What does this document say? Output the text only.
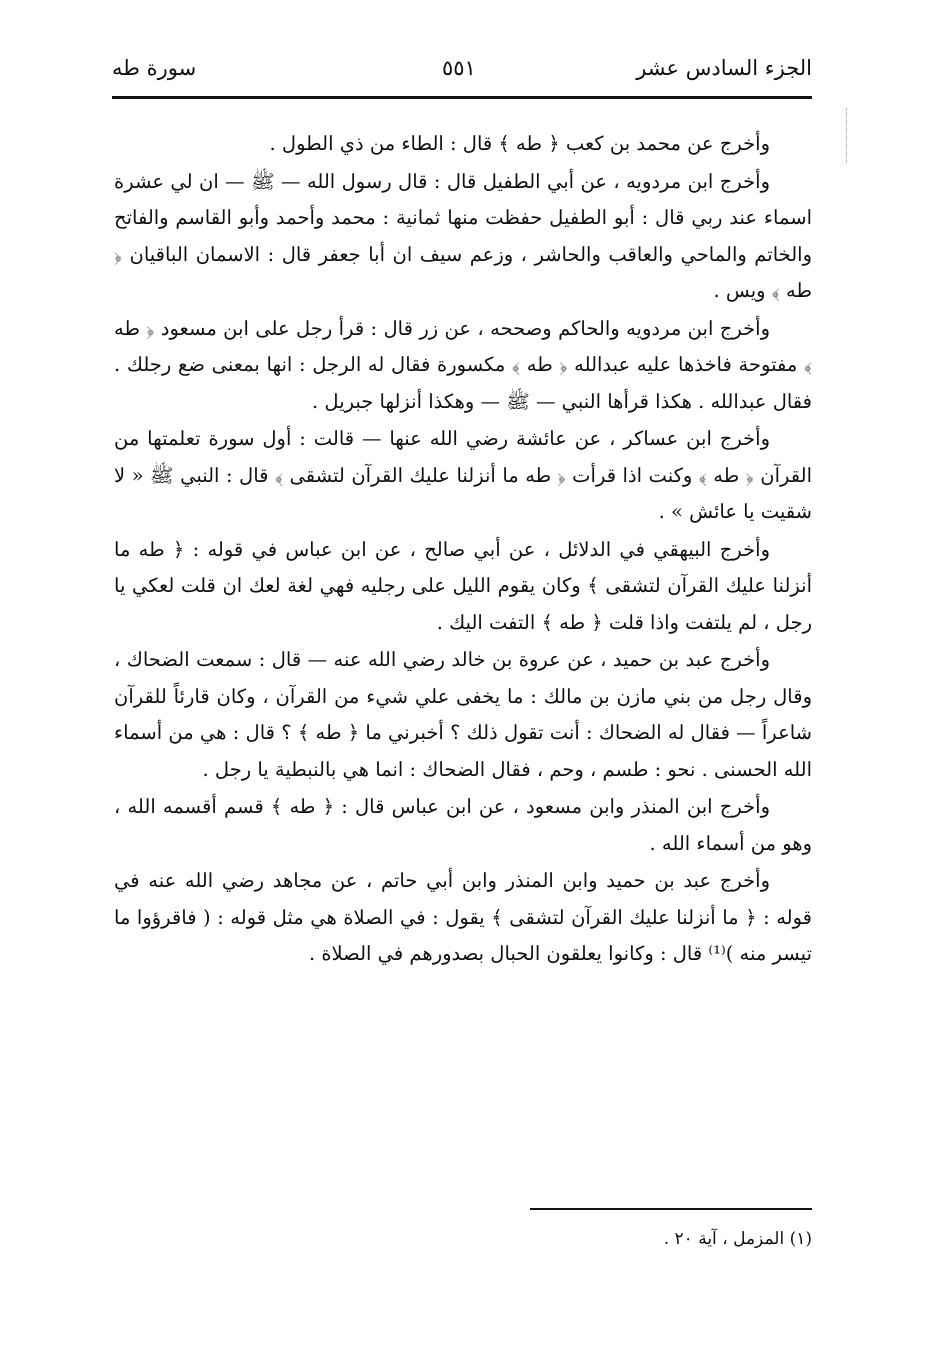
الجزء السادس عشر
٥٥١
سورة طه

وأخرج عن محمد بن كعب ﴿ طه ﴾ قال : الطاء من ذي الطول .

وأخرج ابن مردويه ، عن أبي الطفيل قال : قال رسول الله — ﷺ — ان لي عشرة اسماء عند ربي قال : أبو الطفيل حفظت منها ثمانية : محمد وأحمد وأبو القاسم والفاتح والخاتم والماحي والعاقب والحاشر ، وزعم سيف ان أبا جعفر قال : الاسمان الباقيان ﴿ طه ﴾ ويس .

وأخرج ابن مردويه والحاكم وصححه ، عن زر قال : قرأ رجل على ابن مسعود ﴿ طه ﴾ مفتوحة فاخذها عليه عبدالله ﴿ طه ﴾ مكسورة فقال له الرجل : انها بمعنى ضع رجلك . فقال عبدالله . هكذا قرأها النبي — ﷺ — وهكذا أنزلها جبريل .

وأخرج ابن عساكر ، عن عائشة رضي الله عنها — قالت : أول سورة تعلمتها من القرآن ﴿ طه ﴾ وكنت اذا قرأت ﴿ طه ما أنزلنا عليك القرآن لتشقى ﴾ قال : النبي ﷺ « لا شقيت يا عائش » .

وأخرج البيهقي في الدلائل ، عن أبي صالح ، عن ابن عباس في قوله : ﴿ طه ما أنزلنا عليك القرآن لتشقى ﴾ وكان يقوم الليل على رجليه فهي لغة لعك ان قلت لعكي يا رجل ، لم يلتفت واذا قلت ﴿ طه ﴾ التفت اليك .

وأخرج عبد بن حميد ، عن عروة بن خالد رضي الله عنه — قال : سمعت الضحاك ، وقال رجل من بني مازن بن مالك : ما يخفى علي شيء من القرآن ، وكان قارئاً للقرآن شاعراً — فقال له الضحاك : أنت تقول ذلك ؟ أخبرني ما ﴿ طه ﴾ ؟ قال : هي من أسماء الله الحسنى . نحو : طسم ، وحم ، فقال الضحاك : انما هي بالنبطية يا رجل .

وأخرج ابن المنذر وابن مسعود ، عن ابن عباس قال : ﴿ طه ﴾ قسم أقسمه الله ، وهو من أسماء الله .

وأخرج عبد بن حميد وابن المنذر وابن أبي حاتم ، عن مجاهد رضي الله عنه في قوله : ﴿ ما أنزلنا عليك القرآن لتشقى ﴾ يقول : في الصلاة هي مثل قوله : ( فاقرؤوا ما تيسر منه )⁽¹⁾ قال : وكانوا يعلقون الحبال بصدورهم في الصلاة .

(١) المزمل ، آية ٢٠ .
